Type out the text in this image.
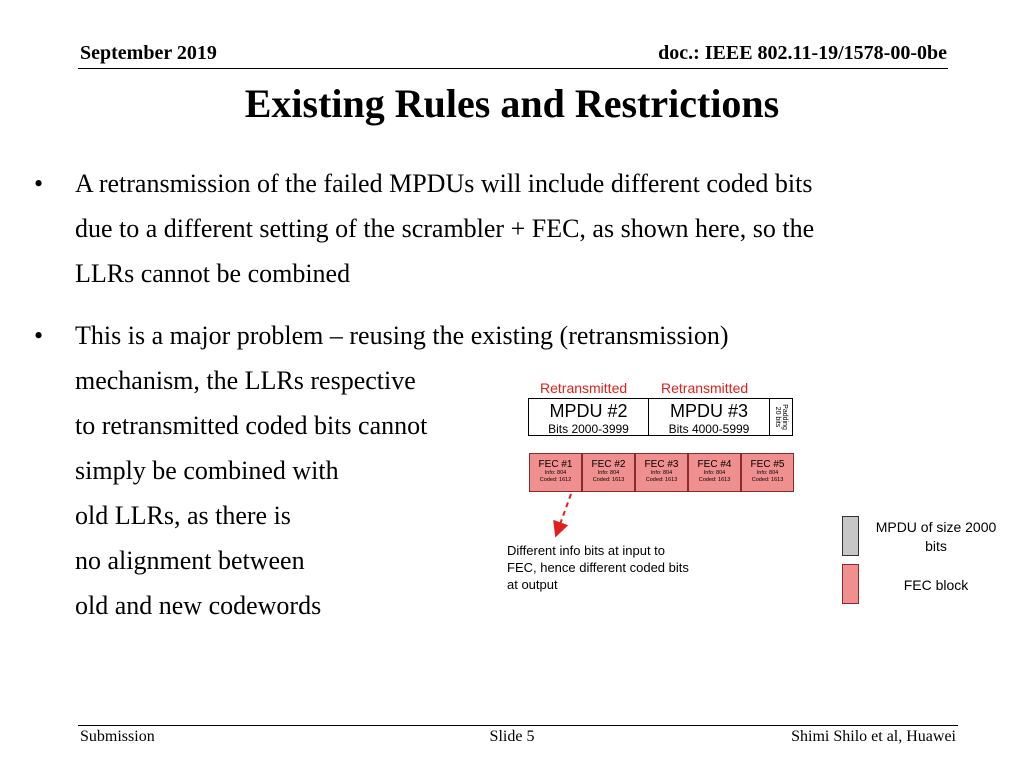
September 2019	doc.: IEEE 802.11-19/1578-00-0be
Existing Rules and Restrictions
•	A retransmission of the failed MPDUs will include different coded bits
due to a different setting of the scrambler + FEC, as shown here, so the
LLRs cannot be combined
•	This is a major problem – reusing the existing (retransmission)
mechanism, the LLRs respective
to retransmitted coded bits cannot
simply be combined with
old LLRs, as there is
no alignment between
old and new codewords
Retransmitted Retransmitted
MPDU #2
Bits 2000-3999
MPDU #3
Bits 4000-5999	Padding
20 bits
FEC #1
Info: 804
Coded: 1612
FEC #2
Info: 804
Coded: 1613
FEC #3
Info: 804
Coded: 1613
FEC #4
Info: 804
Coded: 1613
FEC #5
Info: 804
Coded: 1613
Different info bits at input to FEC, hence different coded bits at output
MPDU of size 2000 bits
FEC block
Submission	Slide 5	Shimi Shilo et al, Huawei
